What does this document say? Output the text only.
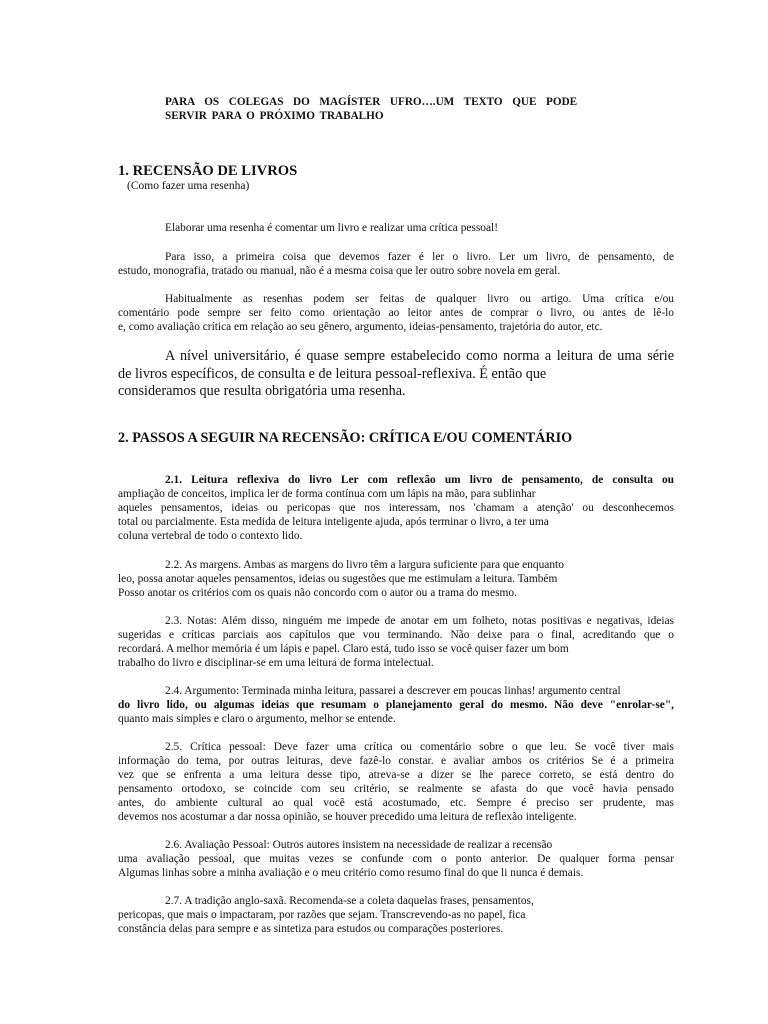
PARA  OS  COLEGAS  DO  MAGÍSTER  UFRO….UM  TEXTO  QUE  PODE
SERVIR PARA O PRÓXIMO TRABALHO
1. RECENSÃO DE LIVROS
(Como fazer uma resenha)
Elaborar uma resenha é comentar um livro e realizar uma crítica pessoal!
Para isso, a primeira coisa que devemos fazer é ler o livro. Ler um livro, de pensamento, de
estudo, monografia, tratado ou manual, não é a mesma coisa que ler outro sobre novela em geral.
Habitualmente as resenhas podem ser feitas de qualquer livro ou artigo. Uma crítica e/ou
comentário pode sempre ser feito como orientação ao leitor antes de comprar o livro, ou antes de lê-lo
e, como avaliação crítica em relação ao seu gênero, argumento, ideias-pensamento, trajetória do autor, etc.
A nível universitário, é quase sempre estabelecido como norma a leitura de uma série
de livros específicos, de consulta e de leitura pessoal-reflexiva. É então que
consideramos que resulta obrigatória uma resenha.
2. PASSOS A SEGUIR NA RECENSÃO: CRÍTICA E/OU COMENTÁRIO
2.1. Leitura reflexiva do livro Ler com reflexão um livro de pensamento, de consulta ou
ampliação de conceitos, implica ler de forma contínua com um lápis na mão, para sublinhar
aqueles pensamentos, ideias ou pericopas que nos interessam, nos 'chamam a atenção' ou desconhecemos
total ou parcialmente. Esta medida de leitura inteligente ajuda, após terminar o livro, a ter uma
coluna vertebral de todo o contexto lido.
2.2. As margens. Ambas as margens do livro têm a largura suficiente para que enquanto
leo, possa anotar aqueles pensamentos, ideias ou sugestões que me estimulam a leitura. Também
Posso anotar os critérios com os quais não concordo com o autor ou a trama do mesmo.
2.3. Notas: Além disso, ninguém me impede de anotar em um folheto, notas positivas e negativas, ideias
sugeridas e críticas parciais aos capítulos que vou terminando. Não deixe para o final, acreditando que o
recordará. A melhor memória é um lápis e papel. Claro está, tudo isso se você quiser fazer um bom
trabalho do livro e disciplinar-se em uma leitura de forma intelectual.
2.4. Argumento: Terminada minha leitura, passarei a descrever em poucas linhas! argumento central
do livro lido, ou algumas ideias que resumam o planejamento geral do mesmo. Não deve "enrolar-se",
quanto mais simples e claro o argumento, melhor se entende.
2.5. Crítica pessoal: Deve fazer uma crítica ou comentário sobre o que leu. Se você tiver mais
informação do tema, por outras leituras, deve fazê-lo constar. e avaliar ambos os critérios Se é a primeira
vez que se enfrenta a uma leitura desse tipo, atreva-se a dizer se lhe parece correto, se está dentro do
pensamento ortodoxo, se coincide com seu critério, se realmente se afasta do que você havia pensado
antes, do ambiente cultural ao qual você está acostumado, etc. Sempre é preciso ser prudente, mas
devemos nos acostumar a dar nossa opinião, se houver precedido uma leitura de reflexão inteligente.
2.6. Avaliação Pessoal: Outros autores insistem na necessidade de realizar a recensão
uma avaliação pessoal, que muitas vezes se confunde com o ponto anterior. De qualquer forma pensar
Algumas linhas sobre a minha avaliação e o meu critério como resumo final do que li nunca é demais.
2.7. A tradição anglo-saxã. Recomenda-se a coleta daquelas frases, pensamentos,
pericopas, que mais o impactaram, por razões que sejam. Transcrevendo-as no papel, fica
constância delas para sempre e as sintetiza para estudos ou comparações posteriores.
